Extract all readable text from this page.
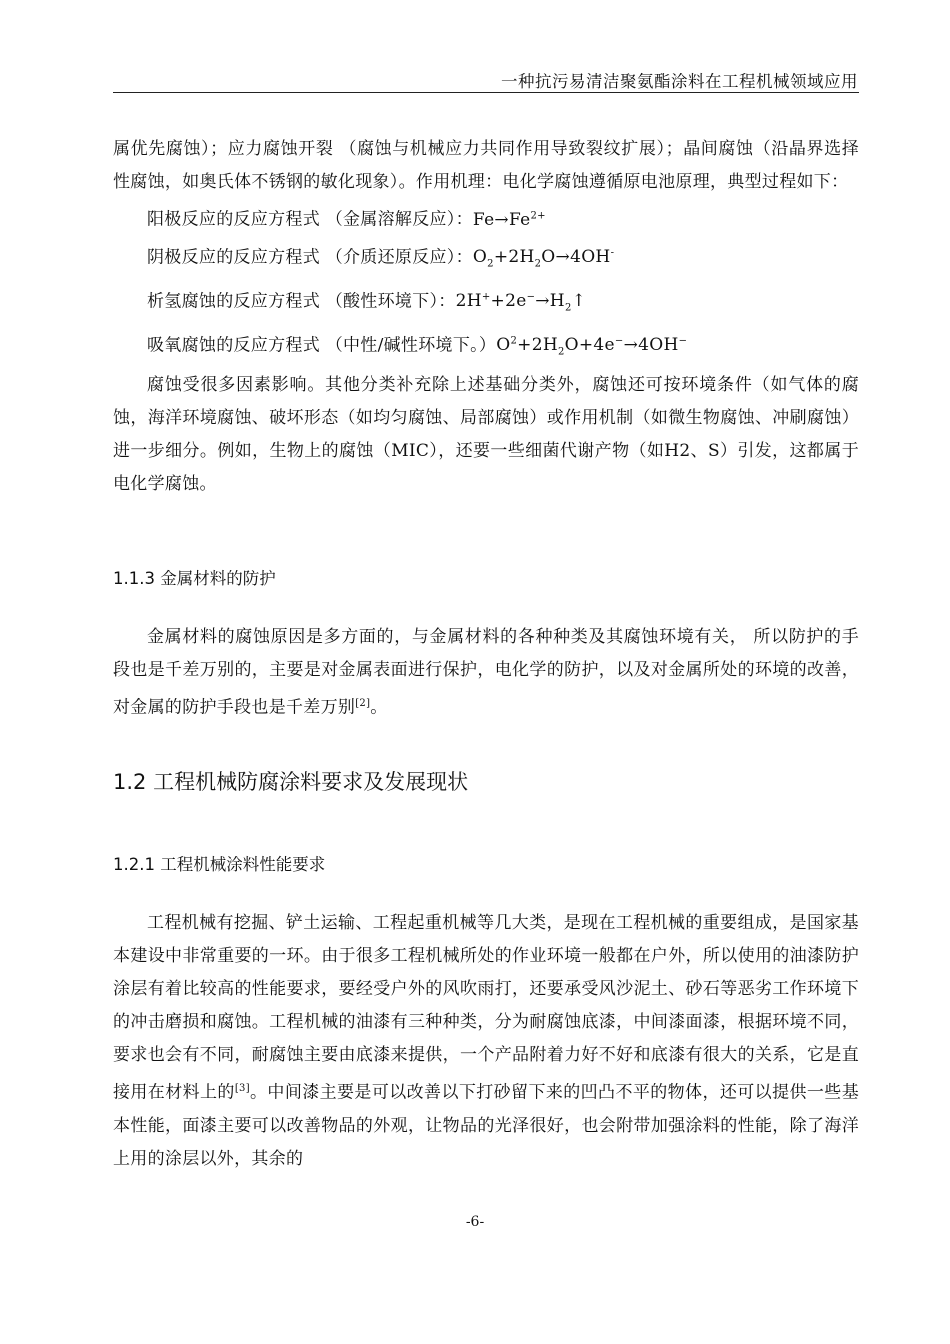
一种抗污易清洁聚氨酯涂料在工程机械领域应用

属优先腐蚀）；应力腐蚀开裂 （腐蚀与机械应力共同作用导致裂纹扩展）；晶间腐蚀（沿晶界选择性腐蚀，如奥氏体不锈钢的敏化现象）。作用机理：电化学腐蚀遵循原电池原理，典型过程如下：

阳极反应的反应方程式 （金属溶解反应）：$Fe\to Fe^{2+}$

阴极反应的反应方程式 （介质还原反应）：$O_2+2H_2O\to 4OH^-$

析氢腐蚀的反应方程式 （酸性环境下）：$2H^++2e^-\to H_2↑$

吸氧腐蚀的反应方程式 （中性/碱性环境下。）$O^2+2H_2O+4e^-\to 4OH^-$

腐蚀受很多因素影响。其他分类补充除上述基础分类外，腐蚀还可按环境条件（如气体的腐蚀，海洋环境腐蚀、破坏形态（如均匀腐蚀、局部腐蚀）或作用机制（如微生物腐蚀、冲刷腐蚀）进一步细分。例如，生物上的腐蚀（MIC），还要一些细菌代谢产物（如H2、S）引发，这都属于电化学腐蚀。

1.1.3 金属材料的防护

金属材料的腐蚀原因是多方面的，与金属材料的各种种类及其腐蚀环境有关， 所以防护的手段也是千差万别的，主要是对金属表面进行保护，电化学的防护，以及对金属所处的环境的改善，对金属的防护手段也是千差万别[2]。

1.2 工程机械防腐涂料要求及发展现状
1.2.1 工程机械涂料性能要求

工程机械有挖掘、铲土运输、工程起重机械等几大类，是现在工程机械的重要组成，是国家基本建设中非常重要的一环。由于很多工程机械所处的作业环境一般都在户外，所以使用的油漆防护涂层有着比较高的性能要求，要经受户外的风吹雨打，还要承受风沙泥土、砂石等恶劣工作环境下的冲击磨损和腐蚀。工程机械的油漆有三种种类，分为耐腐蚀底漆，中间漆面漆，根据环境不同，要求也会有不同，耐腐蚀主要由底漆来提供，一个产品附着力好不好和底漆有很大的关系，它是直接用在材料上的[3]。中间漆主要是可以改善以下打砂留下来的凹凸不平的物体，还可以提供一些基本性能，面漆主要可以改善物品的外观，让物品的光泽很好，也会附带加强涂料的性能，除了海洋上用的涂层以外，其余的

-6-
